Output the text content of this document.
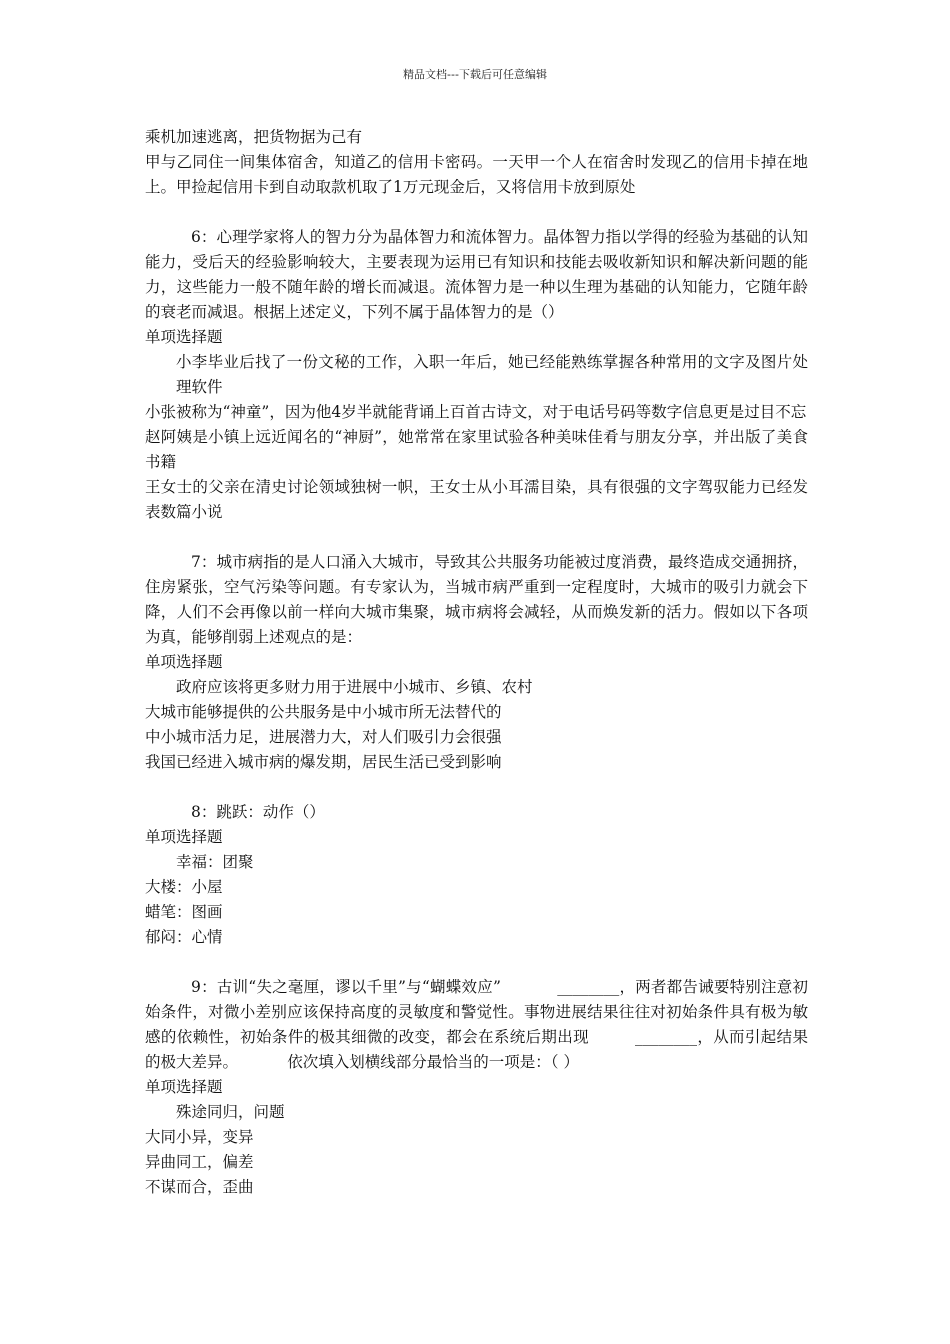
精品文档---下载后可任意编辑

乘机加速逃离，把货物据为己有

甲与乙同住一间集体宿舍，知道乙的信用卡密码。一天甲一个人在宿舍时发现乙的信用卡掉在地上。甲捡起信用卡到自动取款机取了1万元现金后，又将信用卡放到原处

6：心理学家将人的智力分为晶体智力和流体智力。晶体智力指以学得的经验为基础的认知能力，受后天的经验影响较大，主要表现为运用已有知识和技能去吸收新知识和解决新问题的能力，这些能力一般不随年龄的增长而减退。流体智力是一种以生理为基础的认知能力，它随年龄的衰老而减退。根据上述定义，下列不属于晶体智力的是（）

单项选择题

小李毕业后找了一份文秘的工作，入职一年后，她已经能熟练掌握各种常用的文字及图片处理软件

小张被称为“神童”，因为他4岁半就能背诵上百首古诗文，对于电话号码等数字信息更是过目不忘

赵阿姨是小镇上远近闻名的“神厨”，她常常在家里试验各种美味佳肴与朋友分享，并出版了美食书籍

王女士的父亲在清史讨论领域独树一帜，王女士从小耳濡目染，具有很强的文字驾驭能力已经发表数篇小说

7：城市病指的是人口涌入大城市，导致其公共服务功能被过度消费，最终造成交通拥挤，住房紧张，空气污染等问题。有专家认为，当城市病严重到一定程度时，大城市的吸引力就会下降，人们不会再像以前一样向大城市集聚，城市病将会减轻，从而焕发新的活力。假如以下各项为真，能够削弱上述观点的是：

单项选择题

政府应该将更多财力用于进展中小城市、乡镇、农村

大城市能够提供的公共服务是中小城市所无法替代的

中小城市活力足，进展潜力大，对人们吸引力会很强

我国已经进入城市病的爆发期，居民生活已受到影响

8：跳跃：动作（）

单项选择题

幸福：团聚

大楼：小屋

蜡笔：图画

郁闷：心情

9：古训“失之毫厘，谬以千里”与“蝴蝶效应”	________，两者都告诫要特别注意初始条件，对微小差别应该保持高度的灵敏度和警觉性。事物进展结果往往对初始条件具有极为敏感的依赖性，初始条件的极其细微的改变，都会在系统后期出现	________，从而引起结果的极大差异。	依次填入划横线部分最恰当的一项是：（ ）

单项选择题

殊途同归，问题

大同小异，变异

异曲同工，偏差

不谋而合，歪曲
